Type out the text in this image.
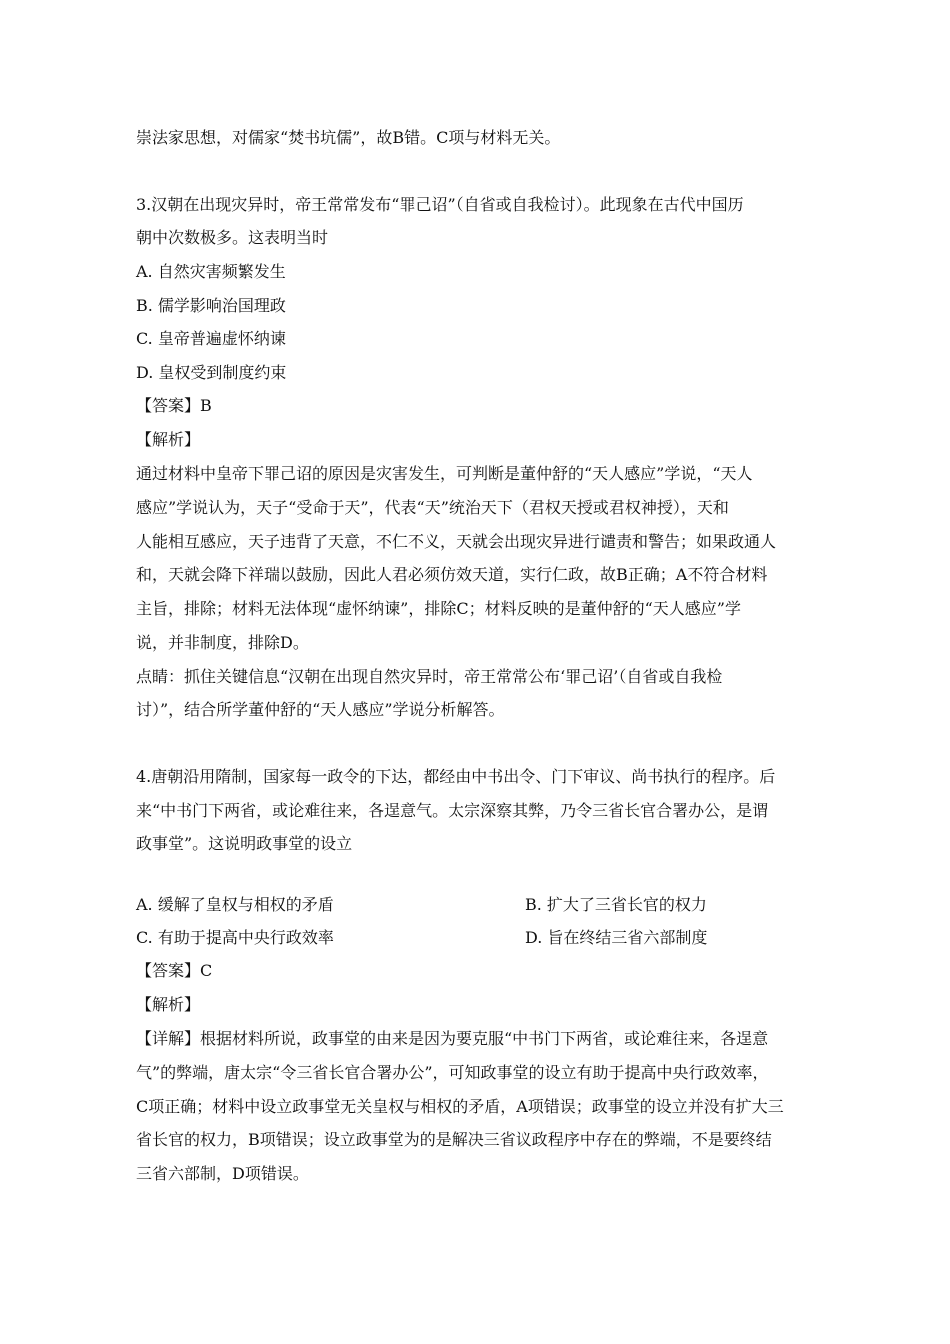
崇法家思想，对儒家“焚书坑儒”，故B错。C项与材料无关。
3.汉朝在出现灾异时，帝王常常发布“罪己诏”（自省或自我检讨）。此现象在古代中国历
朝中次数极多。这表明当时
A. 自然灾害频繁发生
B. 儒学影响治国理政
C. 皇帝普遍虚怀纳谏
D. 皇权受到制度约束
【答案】B
【解析】
通过材料中皇帝下罪己诏的原因是灾害发生，可判断是董仲舒的“天人感应”学说，“天人
感应”学说认为，天子“受命于天”，代表“天”统治天下（君权天授或君权神授），天和
人能相互感应，天子违背了天意，不仁不义，天就会出现灾异进行谴责和警告；如果政通人
和，天就会降下祥瑞以鼓励，因此人君必须仿效天道，实行仁政，故B正确；A不符合材料
主旨，排除；材料无法体现“虚怀纳谏”，排除C；材料反映的是董仲舒的“天人感应”学
说，并非制度，排除D。
点睛：抓住关键信息“汉朝在出现自然灾异时，帝王常常公布‘罪己诏’（自省或自我检
讨）”，结合所学董仲舒的“天人感应”学说分析解答。
4.唐朝沿用隋制，国家每一政令的下达，都经由中书出令、门下审议、尚书执行的程序。后
来“中书门下两省，或论难往来，各逞意气。太宗深察其弊，乃令三省长官合署办公，是谓
政事堂”。这说明政事堂的设立
A. 缓解了皇权与相权的矛盾	B. 扩大了三省长官的权力
C. 有助于提高中央行政效率	D. 旨在终结三省六部制度
【答案】C
【解析】
【详解】根据材料所说，政事堂的由来是因为要克服“中书门下两省，或论难往来，各逞意
气”的弊端，唐太宗“令三省长官合署办公”，可知政事堂的设立有助于提高中央行政效率，
C项正确；材料中设立政事堂无关皇权与相权的矛盾，A项错误；政事堂的设立并没有扩大三
省长官的权力，B项错误；设立政事堂为的是解决三省议政程序中存在的弊端，不是要终结
三省六部制，D项错误。
